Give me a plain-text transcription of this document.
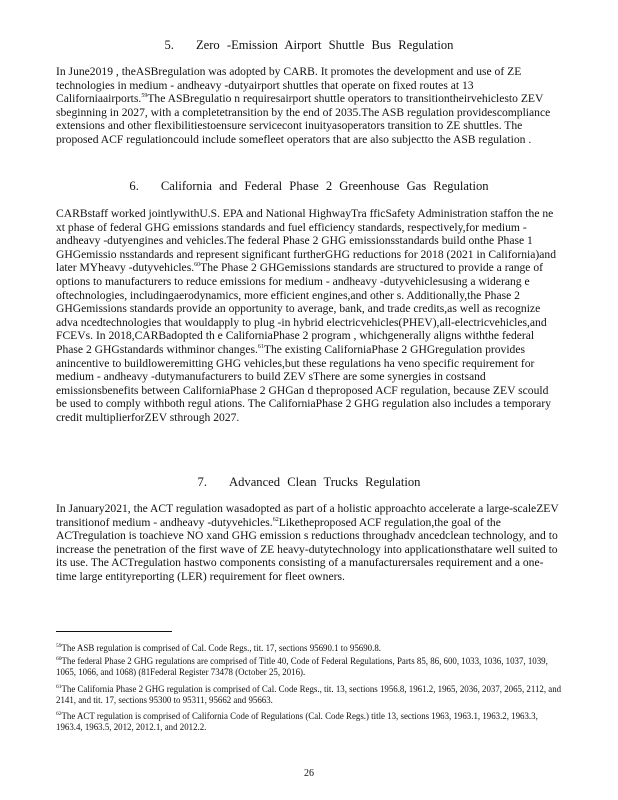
5. Zero -Emission Airport Shuttle Bus Regulation
In June2019 , theASBregulation was adopted by CARB. It promotes the development and use of ZE technologies in medium - andheavy -dutyairport shuttles that operate on fixed routes at 13 Californiaairports.$^{59}$The ASBregulatio n requiresairport shuttle operators to transitiontheirvehiclesto ZEV sbeginning in 2027, with a completetransition by the end of 2035.The ASB regulation providescompliance extensions and other flexibilitiestoensure servicecont inuityasoperators transition to ZE shuttles. The proposed ACF regulationcould include somefleet operators that are also subjectto the ASB regulation .
6. California and Federal Phase 2 Greenhouse Gas Regulation
CARBstaff worked jointlywithU.S. EPA and National HighwayTra fficSafety Administration staffon the ne xt phase of federal GHG emissions standards and fuel efficiency standards, respectively,for medium - andheavy -dutyengines and vehicles.The federal Phase 2 GHG emissionsstandards build onthe Phase 1 GHGemissio nsstandards and represent significant furtherGHG reductions for 2018 (2021 in California)and later MYheavy -dutyvehicles.$^{60}$The Phase 2 GHGemissions standards are structured to provide a range of options to manufacturers to reduce emissions for medium - andheavy -dutyvehiclesusing a widerang e oftechnologies, includingaerodynamics, more efficient engines,and other s. Additionally,the Phase 2 GHGemissions standards provide an opportunity to average, bank, and trade credits,as well as recognize adva ncedtechnologies that wouldapply to plug -in hybrid electricvehicles(PHEV),all-electricvehicles,and FCEVs. In 2018,CARBadopted th e CaliforniaPhase 2 program , whichgenerally aligns withthe federal Phase 2 GHGstandards withminor changes.$^{61}$The existing CaliforniaPhase 2 GHGregulation provides anincentive to buildloweremitting GHG vehicles,but these regulations ha veno specific requirement for medium - andheavy -dutymanufacturers to build ZEV sThere are some synergies in costsand emissionsbenefits between CaliforniaPhase 2 GHGan d theproposed ACF regulation, because ZEV scould be used to comply withboth regul ations. The CaliforniaPhase 2 GHG regulation also includes a temporary credit multiplierforZEV sthrough 2027.
7. Advanced Clean Trucks Regulation
In January2021, the ACT regulation wasadopted as part of a holistic approachto accelerate a large-scaleZEV transitionof medium - andheavy -dutyvehicles.$^{62}$Liketheproposed ACF regulation,the goal of the ACTregulation is toachieve NO xand GHG emission s reductions throughadv ancedclean technology, and to increase the penetration of the first wave of ZE heavy-dutytechnology into applicationsthatare well suited to its use. The ACTregulation hastwo components consisting of a manufacturersales requirement and a one-time large entityreporting (LER) requirement for fleet owners.
$^{59}$The ASB regulation is comprised of Cal. Code Regs., tit. 17, sections 95690.1 to 95690.8.
$^{60}$The federal Phase 2 GHG regulations are comprised of Title 40, Code of Federal Regulations, Parts 85, 86, 600, 1033, 1036, 1037, 1039, 1065, 1066, and 1068) (81Federal Register 73478 (October 25, 2016).
$^{61}$The California Phase 2 GHG regulation is comprised of Cal. Code Regs., tit. 13, sections 1956.8, 1961.2, 1965, 2036, 2037, 2065, 2112, and 2141, and tit. 17, sections 95300 to 95311, 95662 and 95663.
$^{62}$The ACT regulation is comprised of California Code of Regulations (Cal. Code Regs.) title 13, sections 1963, 1963.1, 1963.2, 1963.3, 1963.4, 1963.5, 2012, 2012.1, and 2012.2.
26
